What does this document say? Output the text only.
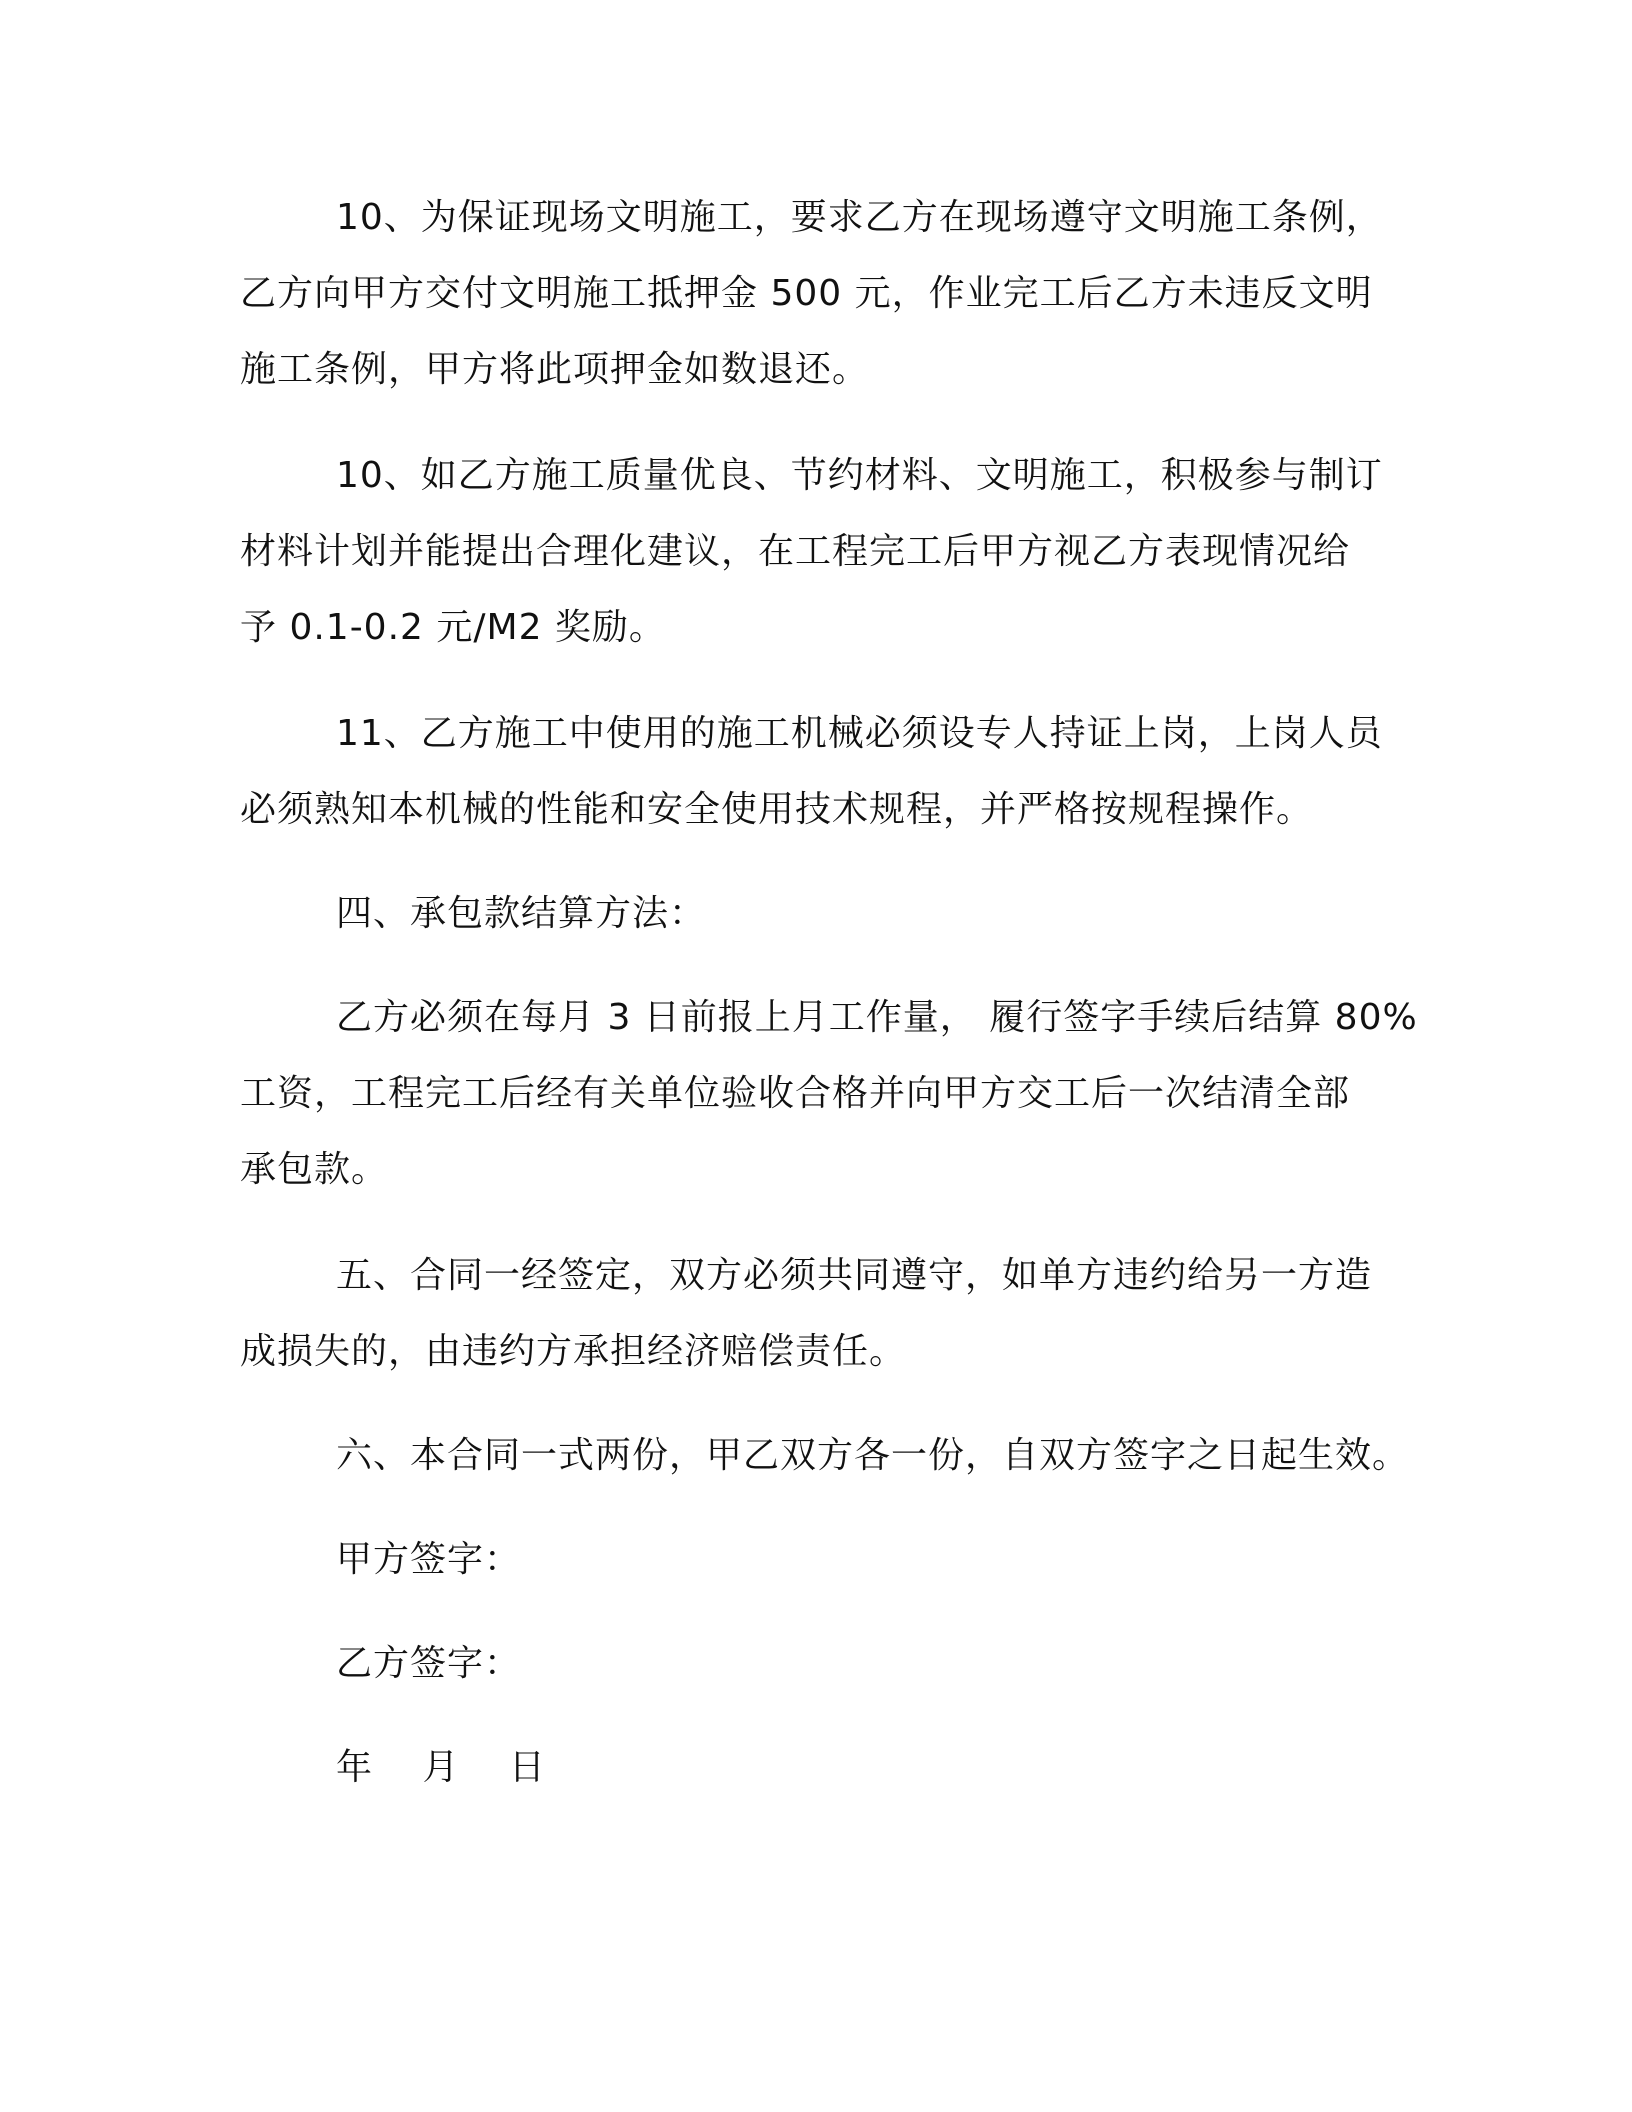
10、为保证现场文明施工，要求乙方在现场遵守文明施工条例，
乙方向甲方交付文明施工抵押金 500 元，作业完工后乙方未违反文明
施工条例，甲方将此项押金如数退还。
10、如乙方施工质量优良、节约材料、文明施工，积极参与制订
材料计划并能提出合理化建议，在工程完工后甲方视乙方表现情况给
予 0.1-0.2 元/M2 奖励。
11、乙方施工中使用的施工机械必须设专人持证上岗，上岗人员
必须熟知本机械的性能和安全使用技术规程，并严格按规程操作。
四、承包款结算方法：
乙方必须在每月 3 日前报上月工作量， 履行签字手续后结算 80%
工资，工程完工后经有关单位验收合格并向甲方交工后一次结清全部
承包款。
五、合同一经签定，双方必须共同遵守，如单方违约给另一方造
成损失的，由违约方承担经济赔偿责任。
六、本合同一式两份，甲乙双方各一份，自双方签字之日起生效。
甲方签字：
乙方签字：
年　 月　 日
